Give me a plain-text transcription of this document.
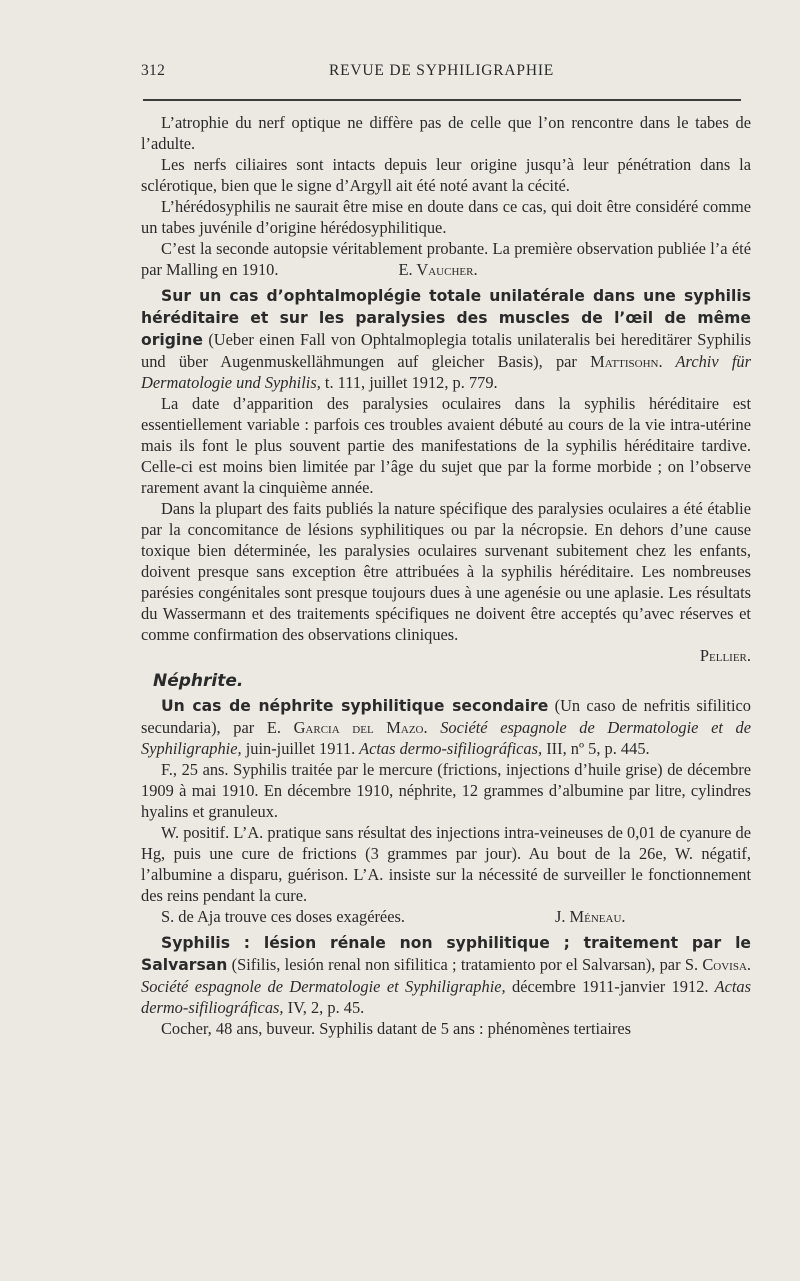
312	REVUE DE SYPHILIGRAPHIE

L’atrophie du nerf optique ne diffère pas de celle que l’on rencontre dans le tabes de l’adulte.

Les nerfs ciliaires sont intacts depuis leur origine jusqu’à leur pénétration dans la sclérotique, bien que le signe d’Argyll ait été noté avant la cécité.

L’hérédosyphilis ne saurait être mise en doute dans ce cas, qui doit être considéré comme un tabes juvénile d’origine hérédosyphilitique.

C’est la seconde autopsie véritablement probante. La première observation publiée l’a été par Malling en 1910.	E. Vaucher.

Sur un cas d’ophtalmoplégie totale unilatérale dans une syphilis héréditaire et sur les paralysies des muscles de l’œil de même origine (Ueber einen Fall von Ophtalmoplegia totalis unilateralis bei hereditärer Syphilis und über Augenmuskellähmungen auf gleicher Basis), par Mattisohn. Archiv für Dermatologie und Syphilis, t. 111, juillet 1912, p. 779.

La date d’apparition des paralysies oculaires dans la syphilis héréditaire est essentiellement variable : parfois ces troubles avaient débuté au cours de la vie intra-utérine mais ils font le plus souvent partie des manifestations de la syphilis héréditaire tardive. Celle-ci est moins bien limitée par l’âge du sujet que par la forme morbide ; on l’observe rarement avant la cinquième année.

Dans la plupart des faits publiés la nature spécifique des paralysies oculaires a été établie par la concomitance de lésions syphilitiques ou par la nécropsie. En dehors d’une cause toxique bien déterminée, les paralysies oculaires survenant subitement chez les enfants, doivent presque sans exception être attribuées à la syphilis héréditaire. Les nombreuses parésies congénitales sont presque toujours dues à une agenésie ou une aplasie. Les résultats du Wassermann et des traitements spécifiques ne doivent être acceptés qu’avec réserves et comme confirmation des observations cliniques.

Pellier.

Néphrite.

Un cas de néphrite syphilitique secondaire (Un caso de nefritis sifilitico secundaria), par E. Garcia del Mazo. Société espagnole de Dermatologie et de Syphiligraphie, juin-juillet 1911. Actas dermo-sifiliográficas, III, nº 5, p. 445.

F., 25 ans. Syphilis traitée par le mercure (frictions, injections d’huile grise) de décembre 1909 à mai 1910. En décembre 1910, néphrite, 12 grammes d’albumine par litre, cylindres hyalins et granuleux.

W. positif. L’A. pratique sans résultat des injections intra-veineuses de 0,01 de cyanure de Hg, puis une cure de frictions (3 grammes par jour). Au bout de la 26e, W. négatif, l’albumine a disparu, guérison. L’A. insiste sur la nécessité de surveiller le fonctionnement des reins pendant la cure.

S. de Aja trouve ces doses exagérées.	J. Méneau.

Syphilis : lésion rénale non syphilitique ; traitement par le Salvarsan (Sifilis, lesión renal non sifilitica ; tratamiento por el Salvarsan), par S. Covisa. Société espagnole de Dermatologie et Syphiligraphie, décembre 1911-janvier 1912. Actas dermo-sifiliográficas, IV, 2, p. 45.

Cocher, 48 ans, buveur. Syphilis datant de 5 ans : phénomènes tertiaires
